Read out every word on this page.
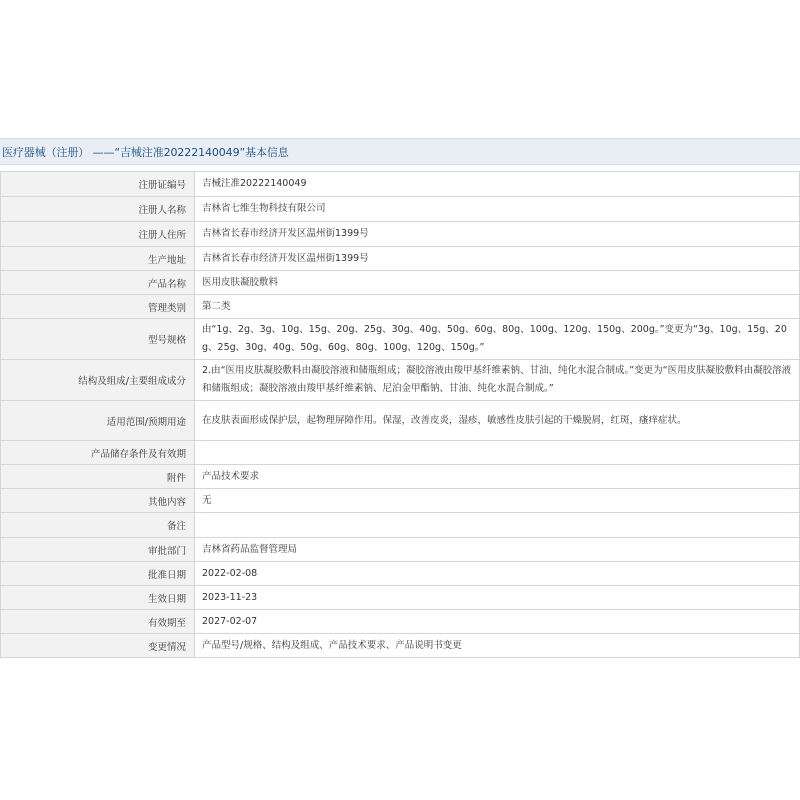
医疗器械（注册） ——“吉械注准20222140049”基本信息
注册证编号	吉械注准20222140049
注册人名称	吉林省七维生物科技有限公司
注册人住所	吉林省长春市经济开发区温州街1399号
生产地址	吉林省长春市经济开发区温州街1399号
产品名称	医用皮肤凝胶敷料
管理类别	第二类
型号规格	由“1g、2g、3g、10g、15g、20g、25g、30g、40g、50g、60g、80g、100g、120g、150g、200g。”变更为“3g、10g、15g、20g、25g、30g、40g、50g、60g、80g、100g、120g、150g。”
结构及组成/主要组成成分	2.由“医用皮肤凝胶敷料由凝胶溶液和储瓶组成；凝胶溶液由羧甲基纤维素钠、甘油、纯化水混合制成。”变更为“医用皮肤凝胶敷料由凝胶溶液和储瓶组成；凝胶溶液由羧甲基纤维素钠、尼泊金甲酯钠、甘油、纯化水混合制成。”
适用范围/预期用途	在皮肤表面形成保护层，起物理屏障作用。保湿，改善皮炎，湿疹，敏感性皮肤引起的干燥脱屑，红斑，瘙痒症状。
产品储存条件及有效期	
附件	产品技术要求
其他内容	无
备注	
审批部门	吉林省药品监督管理局
批准日期	2022-02-08
生效日期	2023-11-23
有效期至	2027-02-07
变更情况	产品型号/规格、结构及组成、产品技术要求、产品说明书变更
